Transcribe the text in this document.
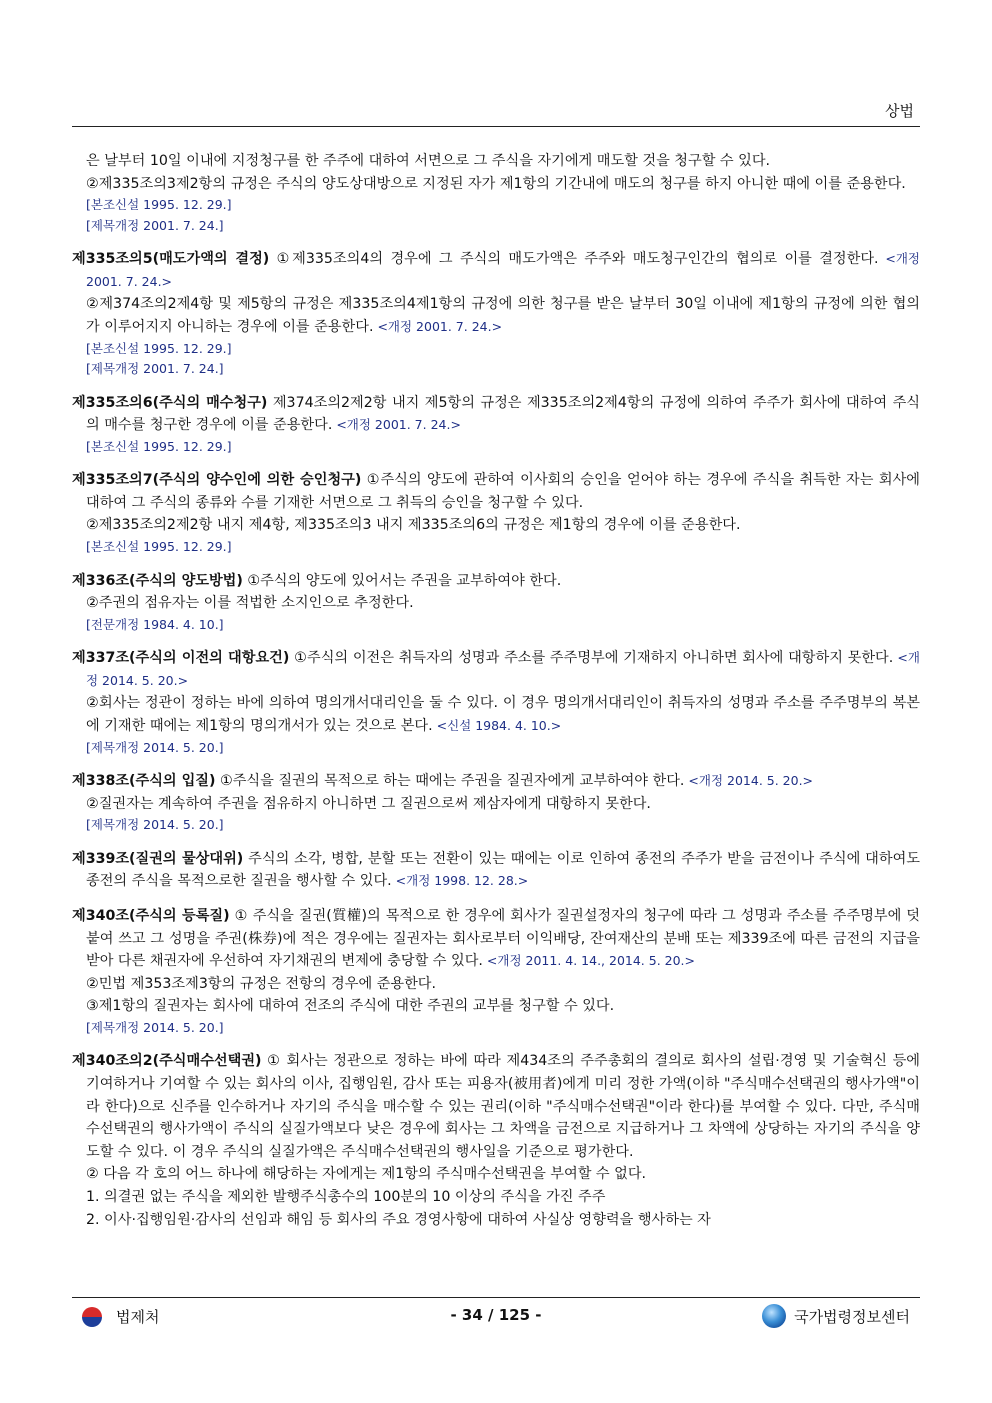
상법
은 날부터 10일 이내에 지정청구를 한 주주에 대하여 서면으로 그 주식을 자기에게 매도할 것을 청구할 수 있다.
②제335조의3제2항의 규정은 주식의 양도상대방으로 지정된 자가 제1항의 기간내에 매도의 청구를 하지 아니한 때에 이를 준용한다.
[본조신설 1995. 12. 29.]
[제목개정 2001. 7. 24.]
제335조의5(매도가액의 결정) ①제335조의4의 경우에 그 주식의 매도가액은 주주와 매도청구인간의 협의로 이를 결정한다. <개정 2001. 7. 24.>
②제374조의2제4항 및 제5항의 규정은 제335조의4제1항의 규정에 의한 청구를 받은 날부터 30일 이내에 제1항의 규정에 의한 협의가 이루어지지 아니하는 경우에 이를 준용한다. <개정 2001. 7. 24.>
[본조신설 1995. 12. 29.]
[제목개정 2001. 7. 24.]
제335조의6(주식의 매수청구) 제374조의2제2항 내지 제5항의 규정은 제335조의2제4항의 규정에 의하여 주주가 회사에 대하여 주식의 매수를 청구한 경우에 이를 준용한다. <개정 2001. 7. 24.>
[본조신설 1995. 12. 29.]
제335조의7(주식의 양수인에 의한 승인청구) ①주식의 양도에 관하여 이사회의 승인을 얻어야 하는 경우에 주식을 취득한 자는 회사에 대하여 그 주식의 종류와 수를 기재한 서면으로 그 취득의 승인을 청구할 수 있다.
②제335조의2제2항 내지 제4항, 제335조의3 내지 제335조의6의 규정은 제1항의 경우에 이를 준용한다.
[본조신설 1995. 12. 29.]
제336조(주식의 양도방법) ①주식의 양도에 있어서는 주권을 교부하여야 한다.
②주권의 점유자는 이를 적법한 소지인으로 추정한다.
[전문개정 1984. 4. 10.]
제337조(주식의 이전의 대항요건) ①주식의 이전은 취득자의 성명과 주소를 주주명부에 기재하지 아니하면 회사에 대항하지 못한다. <개정 2014. 5. 20.>
②회사는 정관이 정하는 바에 의하여 명의개서대리인을 둘 수 있다. 이 경우 명의개서대리인이 취득자의 성명과 주소를 주주명부의 복본에 기재한 때에는 제1항의 명의개서가 있는 것으로 본다. <신설 1984. 4. 10.>
[제목개정 2014. 5. 20.]
제338조(주식의 입질) ①주식을 질권의 목적으로 하는 때에는 주권을 질권자에게 교부하여야 한다. <개정 2014. 5. 20.>
②질권자는 계속하여 주권을 점유하지 아니하면 그 질권으로써 제삼자에게 대항하지 못한다.
[제목개정 2014. 5. 20.]
제339조(질권의 물상대위) 주식의 소각, 병합, 분할 또는 전환이 있는 때에는 이로 인하여 종전의 주주가 받을 금전이나 주식에 대하여도 종전의 주식을 목적으로한 질권을 행사할 수 있다. <개정 1998. 12. 28.>
제340조(주식의 등록질) ① 주식을 질권(質權)의 목적으로 한 경우에 회사가 질권설정자의 청구에 따라 그 성명과 주소를 주주명부에 덧붙여 쓰고 그 성명을 주권(株券)에 적은 경우에는 질권자는 회사로부터 이익배당, 잔여재산의 분배 또는 제339조에 따른 금전의 지급을 받아 다른 채권자에 우선하여 자기채권의 변제에 충당할 수 있다. <개정 2011. 4. 14., 2014. 5. 20.>
②민법 제353조제3항의 규정은 전항의 경우에 준용한다.
③제1항의 질권자는 회사에 대하여 전조의 주식에 대한 주권의 교부를 청구할 수 있다.
[제목개정 2014. 5. 20.]
제340조의2(주식매수선택권) ① 회사는 정관으로 정하는 바에 따라 제434조의 주주총회의 결의로 회사의 설립·경영 및 기술혁신 등에 기여하거나 기여할 수 있는 회사의 이사, 집행임원, 감사 또는 피용자(被用者)에게 미리 정한 가액(이하 "주식매수선택권의 행사가액"이라 한다)으로 신주를 인수하거나 자기의 주식을 매수할 수 있는 권리(이하 "주식매수선택권"이라 한다)를 부여할 수 있다. 다만, 주식매수선택권의 행사가액이 주식의 실질가액보다 낮은 경우에 회사는 그 차액을 금전으로 지급하거나 그 차액에 상당하는 자기의 주식을 양도할 수 있다. 이 경우 주식의 실질가액은 주식매수선택권의 행사일을 기준으로 평가한다.
② 다음 각 호의 어느 하나에 해당하는 자에게는 제1항의 주식매수선택권을 부여할 수 없다.
1. 의결권 없는 주식을 제외한 발행주식총수의 100분의 10 이상의 주식을 가진 주주
2. 이사·집행임원·감사의 선임과 해임 등 회사의 주요 경영사항에 대하여 사실상 영향력을 행사하는 자
법제처	- 34 / 125 -	국가법령정보센터
